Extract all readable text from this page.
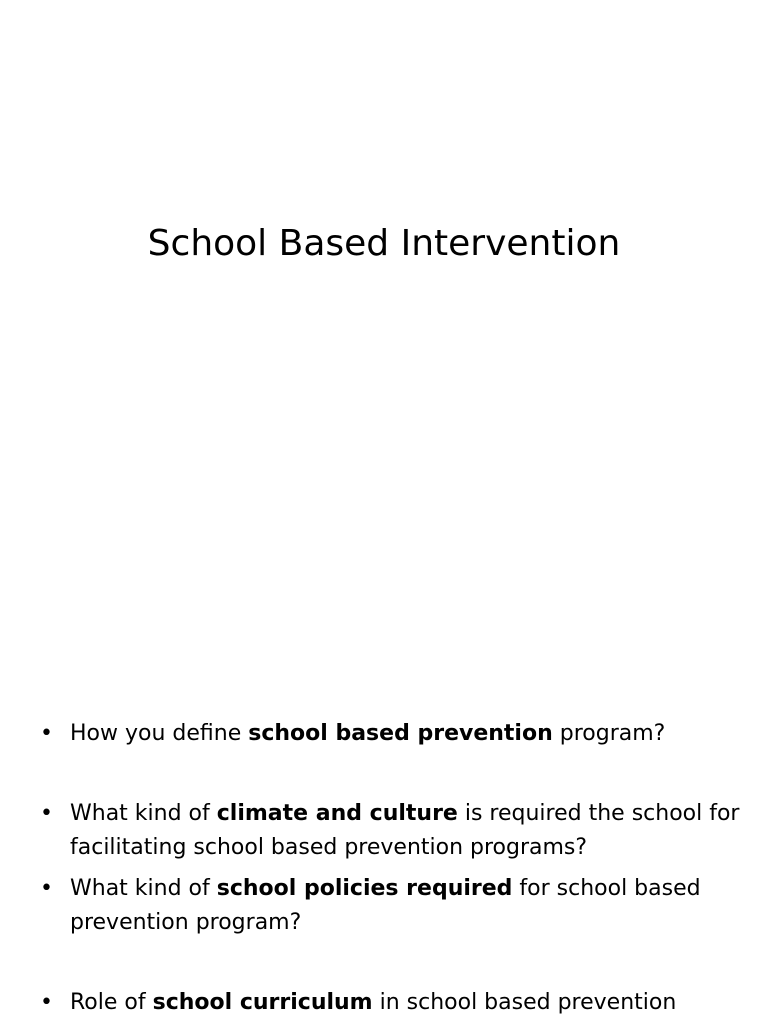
School Based Intervention
• How you define school based prevention program?
• What kind of climate and culture is required the school for facilitating school based prevention programs?
• What kind of school policies required for school based prevention program?
• Role of school curriculum in school based prevention
